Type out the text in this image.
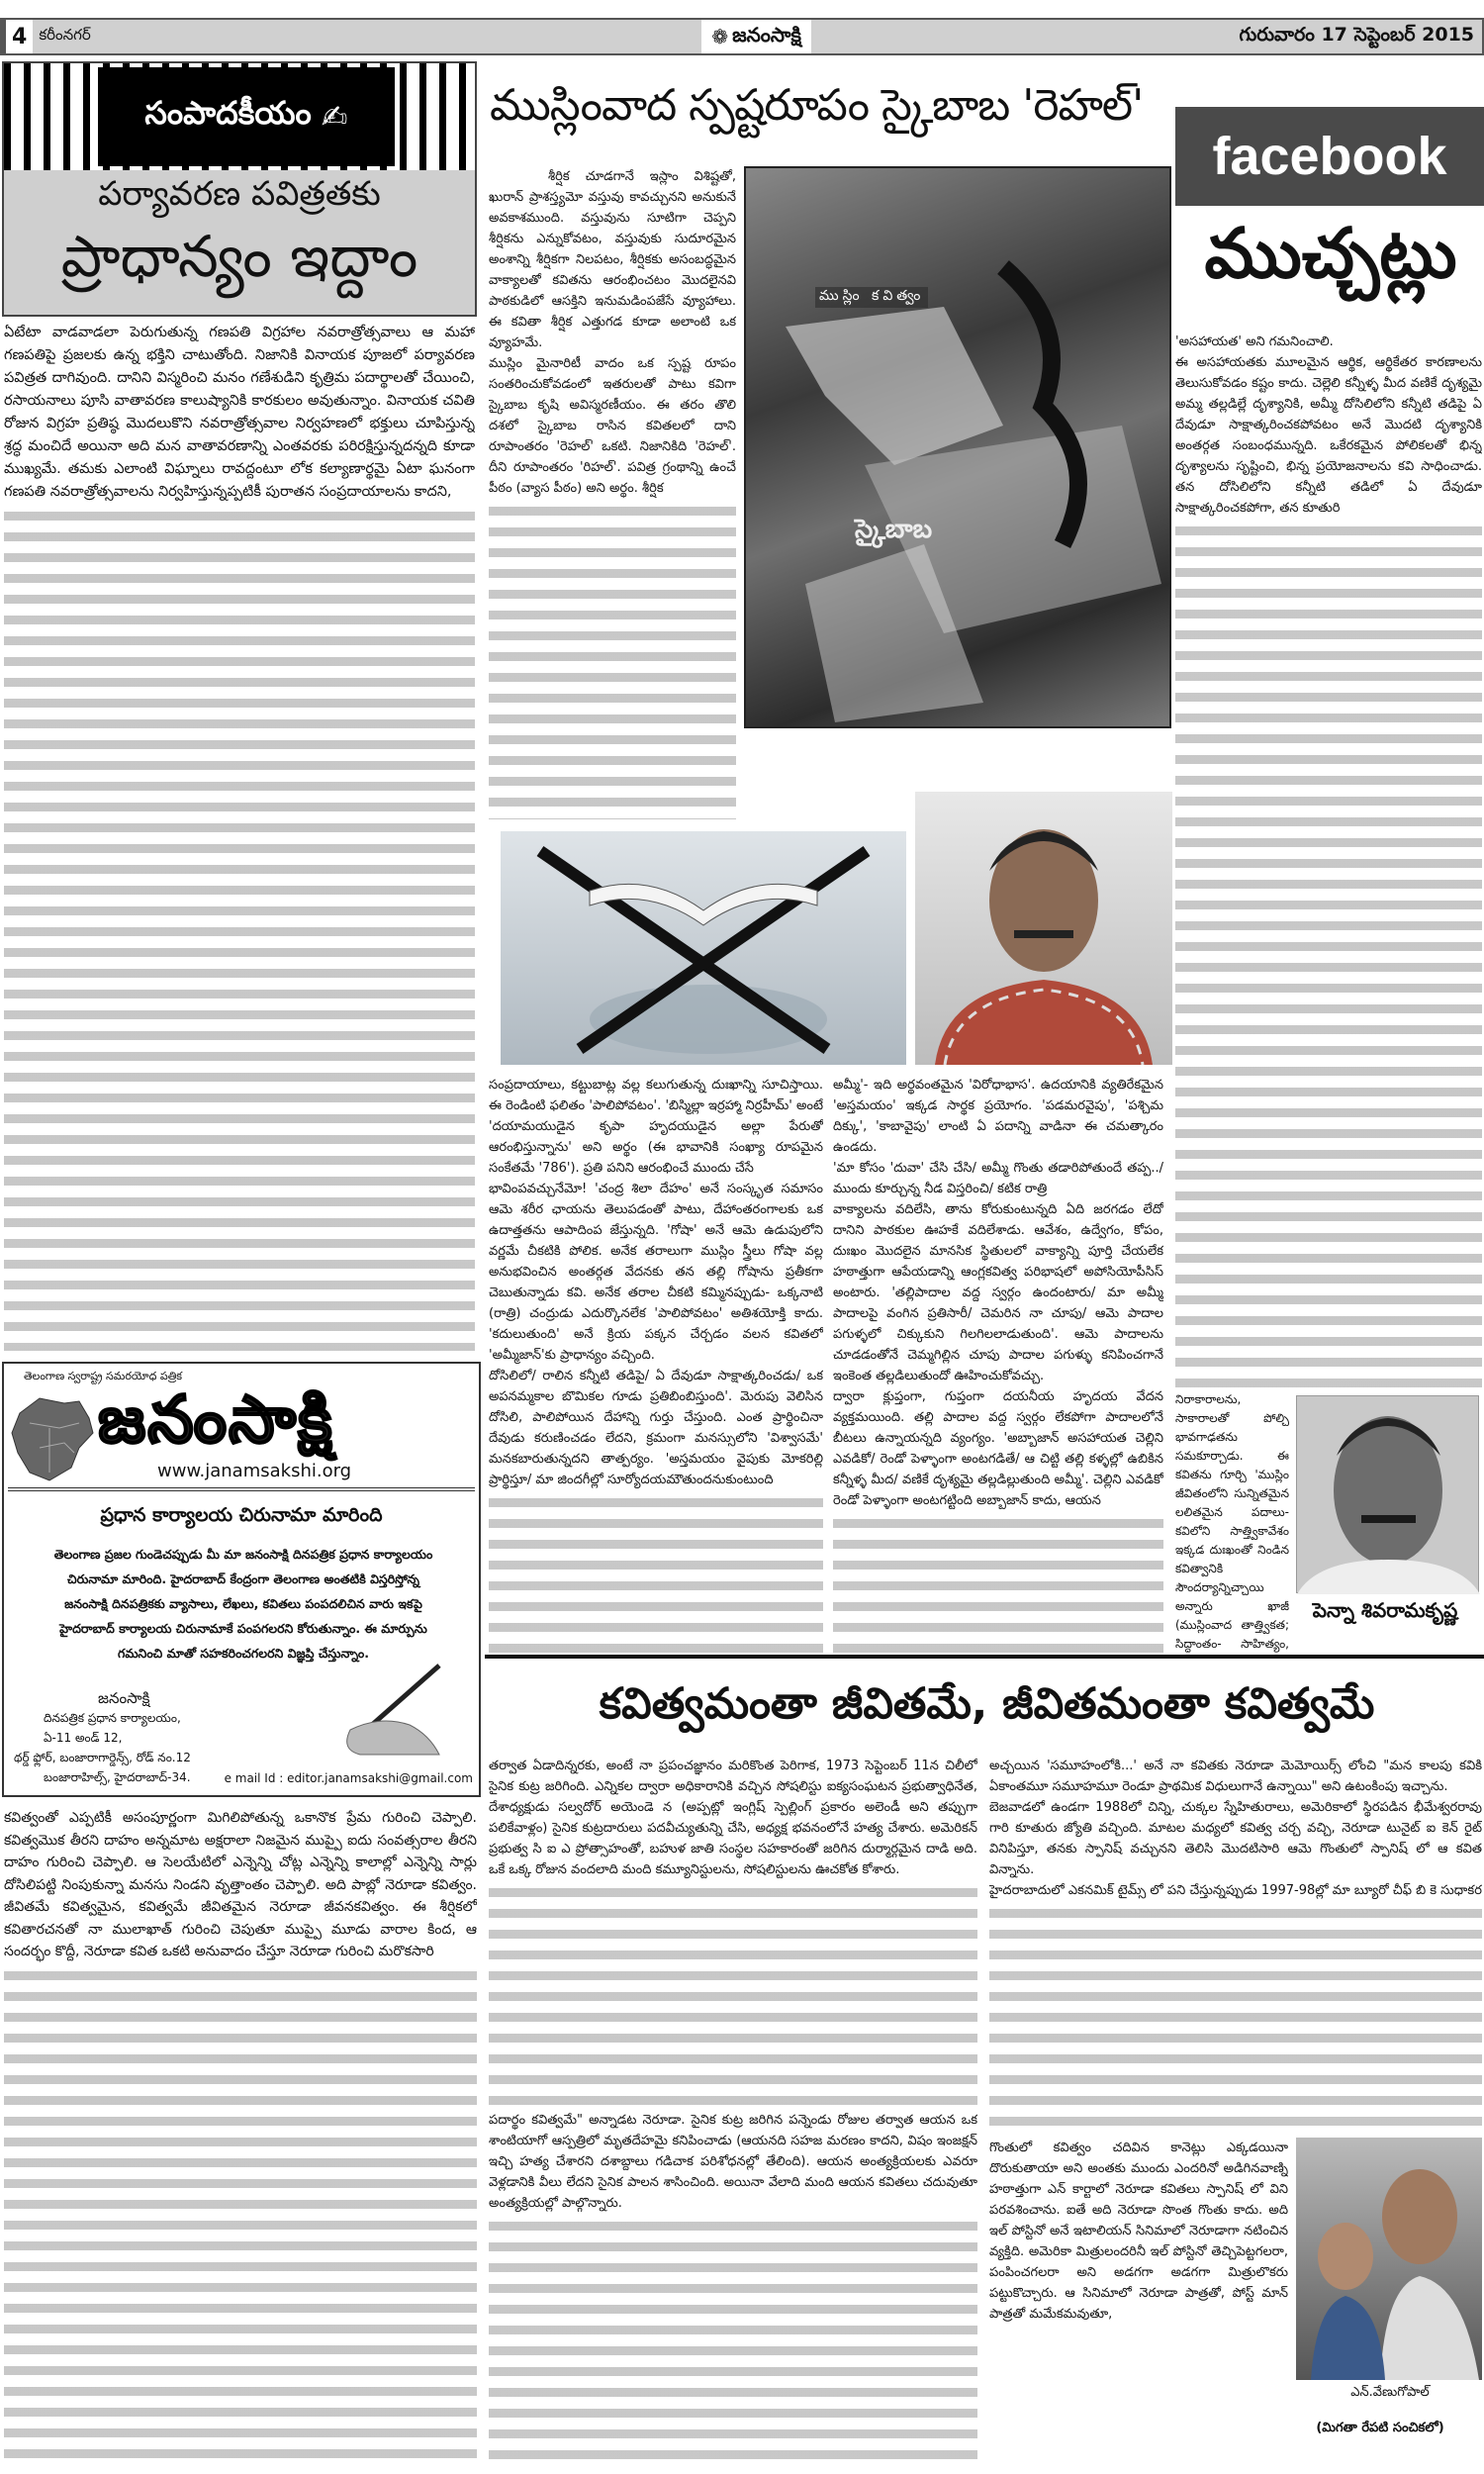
4 కరీంనగర్	❁ జనంసాక్షి	గురువారం 17 సెప్టెంబర్ 2015
సంపాదకీయం ✍
పర్యావరణ పవిత్రతకు
ప్రాధాన్యం ఇద్దాం

ఏటేటా వాడవాడలా పెరుగుతున్న గణపతి విగ్రహాల నవరాత్రోత్సవాలు ఆ మహా గణపతిపై ప్రజలకు ఉన్న భక్తిని చాటుతోంది. నిజానికి వినాయక పూజలో పర్యావరణ పవిత్రత దాగివుంది. దానిని విస్మరించి మనం గణేశుడిని కృత్రిమ పదార్థాలతో చేయించి, రసాయనాలు పూసి వాతావరణ కాలుష్యానికి కారకులం అవుతున్నాం. వినాయక చవితి రోజున విగ్రహ ప్రతిష్ఠ మొదలుకొని నవరాత్రోత్సవాల నిర్వహణలో భక్తులు చూపిస్తున్న శ్రద్ధ మంచిదే అయినా అది మన వాతావరణాన్ని ఎంతవరకు పరిరక్షిస్తున్నదన్నది కూడా ముఖ్యమే. తమకు ఎలాంటి విఘ్నాలు రావద్దంటూ లోక కల్యాణార్థమై ఏటా ఘనంగా గణపతి నవరాత్రోత్సవాలను నిర్వహిస్తున్నప్పటికీ పురాతన సంప్రదాయాలను కాదని,

తెలంగాణ స్వరాష్ట్ర సమరయోధ పత్రిక
జనంసాక్షి
www.janamsakshi.org
ప్రధాన కార్యాలయ చిరునామా మారింది
తెలంగాణ ప్రజల గుండెచప్పుడు మీ మా జనంసాక్షి దినపత్రిక ప్రధాన కార్యాలయం
చిరునామా మారింది. హైదరాబాద్ కేంద్రంగా తెలంగాణ అంతటికి విస్తరిస్తోన్న
జనంసాక్షి దినపత్రికకు వ్యాసాలు, లేఖలు, కవితలు పంపదలిచిన వారు ఇకపై
హైదరాబాద్ కార్యాలయ చిరునామాకే పంపగలరని కోరుతున్నాం. ఈ మార్పును
గమనించి మాతో సహకరించగలరని విజ్ఞప్తి చేస్తున్నాం.
జనంసాక్షి
దినపత్రిక ప్రధాన కార్యాలయం,
ఏ-11 అండ్ 12,
థర్డ్ ఫ్లోర్, బంజారాగార్డెన్స్, రోడ్ నం.12
బంజారాహిల్స్, హైదరాబాద్-34.	e mail Id : editor.janamsakshi@gmail.com

కవిత్వంతో ఎప్పటికీ అసంపూర్ణంగా మిగిలిపోతున్న ఒకానొక ప్రేమ గురించి చెప్పాలి. కవిత్వమొక తీరని దాహం అన్నమాట అక్షరాలా నిజమైన ముప్పై ఐదు సంవత్సరాల తీరని దాహం గురించి చెప్పాలి. ఆ సెలయేటిలో ఎన్నెన్ని చోట్ల ఎన్నెన్ని కాలాల్లో ఎన్నెన్ని సార్లు దోసిలిపట్టి నింపుకున్నా మనసు నిండని వృత్తాంతం చెప్పాలి. అది పాబ్లో నెరూడా కవిత్వం. జీవితమే కవిత్వమైన, కవిత్వమే జీవితమైన నెరూడా జీవనకవిత్వం. ఈ శీర్షికలో కవితారచనతో నా ములాఖాత్ గురించి చెపుతూ ముప్పై మూడు వారాల కింద, ఆ సందర్భం కొద్దీ, నెరూడా కవిత ఒకటి అనువాదం చేస్తూ నెరూడా గురించి మరొకసారి

ముస్లింవాద స్పష్టరూపం స్కైబాబ 'రెహల్'

శీర్షిక చూడగానే ఇస్లాం విశిష్టతో, ఖురాన్ ప్రాశస్త్యమో వస్తువు కావచ్చునని అనుకునే అవకాశముంది. వస్తువును సూటిగా చెప్పని శీర్షికను ఎన్నుకోవటం, వస్తువుకు సుదూరమైన అంశాన్ని శీర్షికగా నిలపటం, శీర్షికకు అసంబద్ధమైన వాక్యాలతో కవితను ఆరంభించటం మొదలైనవి పాఠకుడిలో ఆసక్తిని ఇనుమడింపజేసే వ్యూహాలు. ఈ కవితా శీర్షిక ఎత్తుగడ కూడా అలాంటి ఒక వ్యూహమే.

ముస్లిం మైనారిటీ వాదం ఒక స్పష్ట రూపం సంతరించుకోవడంలో ఇతరులతో పాటు కవిగా స్కైబాబ కృషి అవిస్మరణీయం. ఈ తరం తొలి దశలో స్కైబాబ రాసిన కవితలలో దాని రూపాంతరం 'రెహల్' ఒకటి. నిజానికిది 'రెహల్'. దీని రూపాంతరం 'రిహల్'. పవిత్ర గ్రంథాన్ని ఉంచే పీఠం (వ్యాస పీఠం) అని అర్థం. శీర్షిక

ముస్లిం కవిత్వం
స్కైబాబ

సంప్రదాయాలు, కట్టుబాట్ల వల్ల కలుగుతున్న దుఃఖాన్ని సూచిస్తాయి. ఈ రెండింటి ఫలితం 'పాలిపోవటం'. 'బిస్మిల్లా ఇర్రహ్మా నిర్రహీమ్' అంటే 'దయామయుడైన కృపా హృదయుడైన అల్లా పేరుతో ఆరంభిస్తున్నాను' అని అర్థం (ఈ భావానికి సంఖ్యా రూపమైన సంకేతమే '786'). ప్రతి పనిని ఆరంభించే ముందు చేసే

భావింపవచ్చునేమో! 'చంద్ర శిలా దేహం' అనే సంస్కృత సమాసం ఆమె శరీర ఛాయను తెలుపడంతో పాటు, దేహాంతరంగాలకు ఒక ఉదాత్తతను ఆపాదింప జేస్తున్నది. 'గోషా' అనే ఆమె ఉడుపులోని వర్ణమే చీకటికి పోలిక. అనేక తరాలుగా ముస్లిం స్త్రీలు గోషా వల్ల అనుభవించిన అంతర్గత వేదనకు తన తల్లి గోషాను ప్రతీకగా చెబుతున్నాడు కవి. అనేక తరాల చీకటి కమ్మినప్పుడు- ఒక్కనాటి (రాత్రి) చంద్రుడు ఎదుర్కొనలేక 'పాలిపోవటం' అతిశయోక్తి కాదు. 'కదులుతుంది' అనే క్రియ పక్కన చేర్చడం వలన కవితలో 'అమ్మీజాన్'కు ప్రాధాన్యం వచ్చింది.

దోసిలిలో/ రాలిన కన్నీటి తడిపై/ ఏ దేవుడూ సాక్షాత్కరించడు/ ఒక అపనమ్మకాల బొమికల గూడు ప్రతిబింబిస్తుంది'. మెరుపు వెలిసిన దోసిలి, పాలిపోయిన దేహాన్ని గుర్తు చేస్తుంది. ఎంత ప్రార్థించినా దేవుడు కరుణించడం లేదని, క్రమంగా మనస్సులోని 'విశ్వాసమే' మనకబారుతున్నదని తాత్పర్యం. 'అస్తమయం వైపుకు మోకరిల్లి ప్రార్థిస్తూ/ మా జిందగీల్లో సూర్యోదయమౌతుందనుకుంటుంది

అమ్మీ'- ఇది అర్థవంతమైన 'విరోధాభాస'. ఉదయానికి వ్యతిరేకమైన 'అస్తమయం' ఇక్కడ సార్థక ప్రయోగం. 'పడమరవైపు', 'పశ్చిమ దిక్కు', 'కాబావైపు' లాంటి ఏ పదాన్ని వాడినా ఈ చమత్కారం ఉండదు.

'మా కోసం 'దువా' చేసి చేసి/ అమ్మీ గొంతు తడారిపోతుందే తప్ప../ ముందు కూర్చున్న నీడ విస్తరించి/ కటిక రాత్రి

వాక్యాలను వదిలేసి, తాను కోరుకుంటున్నది ఏది జరగడం లేదో దానిని పాఠకుల ఊహకే వదిలేశాడు. ఆవేశం, ఉద్వేగం, కోపం, దుఃఖం మొదలైన మానసిక స్థితులలో వాక్యాన్ని పూర్తి చేయలేక హఠాత్తుగా ఆపేయడాన్ని ఆంగ్లకవిత్వ పరిభాషలో అపోసియోపీసిస్ అంటారు. 'తల్లిపాదాల వద్ద స్వర్గం ఉందంటారు/ మా అమ్మీ పాదాలపై వంగిన ప్రతిసారీ/ చెమరిన నా చూపు/ ఆమె పాదాల పగుళ్ళలో చిక్కుకుని గిలగిలలాడుతుంది'. ఆమె పాదాలను చూడడంతోనే చెమ్మగిల్లిన చూపు పాదాల పగుళ్ళు కనిపించగానే ఇంకెంత తల్లడిలుతుందో ఊహించుకోవచ్చు.

ద్వారా క్లుప్తంగా, గుప్తంగా దయనీయ హృదయ వేదన వ్యక్తమయింది. తల్లి పాదాల వద్ద స్వర్గం లేకపోగా పాదాలలోనే బీటలు ఉన్నాయన్నది వ్యంగ్యం. 'అబ్బాజాన్ అసహాయత చెల్లిని ఎవడికో/ రెండో పెళ్ళాంగా అంటగడితే/ ఆ చిట్టి తల్లి కళ్ళల్లో ఉబికిన కన్నీళ్ళ మీద/ వణికే దృశ్యమై తల్లడిల్లుతుంది అమ్మీ'. చెల్లిని ఎవడికో రెండో పెళ్ళాంగా అంటగట్టింది అబ్బాజాన్ కాదు, ఆయన

facebook
ముచ్చట్లు

'అసహాయత' అని గమనించాలి.

ఈ అసహాయతకు మూలమైన ఆర్థిక, ఆర్థికేతర కారణాలను తెలుసుకోవడం కష్టం కాదు. చెల్లెలి కన్నీళ్ళ మీద వణికే దృశ్యమై అమ్మ తల్లడిల్లే దృశ్యానికి, అమ్మీ దోసిలిలోని కన్నీటి తడిపై ఏ దేవుడూ సాక్షాత్కరించకపోవటం అనే మొదటి దృశ్యానికి అంతర్గత సంబంధమున్నది. ఒకేరకమైన పోలికలతో భిన్న దృశ్యాలను సృష్టించి, భిన్న ప్రయోజనాలను కవి సాధించాడు. తన దోసిలిలోని కన్నీటి తడిలో ఏ దేవుడూ సాక్షాత్కరించకపోగా, తన కూతురి

నిరాకారాలను, సాకారాలతో పోల్చి భావగాఢతను సమకూర్చాడు. ఈ కవితను గూర్చి 'ముస్లిం జీవితంలోని సున్నితమైన లలితమైన పదాలు- కవిలోని సాత్త్వికావేశం ఇక్కడ దుఃఖంతో నిండిన కవిత్వానికి సౌందర్యాన్నిచ్చాయి అన్నారు ఖాజీ (ముస్లింవాద తాత్త్వికత; సిద్ధాంతం- సాహిత్యం,

పెన్నా శివరామకృష్ణ
కవిత్వమంతా జీవితమే, జీవితమంతా కవిత్వమే

తర్వాత ఏడాదిన్నరకు, అంటే నా ప్రపంచజ్ఞానం మరికొంత పెరిగాక, 1973 సెప్టెంబర్ 11న చిలీలో సైనిక కుట్ర జరిగింది. ఎన్నికల ద్వారా అధికారానికి వచ్చిన సోషలిస్టు ఐక్యసంఘటన ప్రభుత్వాధినేత, దేశాధ్యక్షుడు సల్వదోర్ అయెండె న (అప్పట్లో ఇంగ్లిష్ స్పెల్లింగ్ ప్రకారం అలెండీ అని తప్పుగా పలికేవాళ్లం) సైనిక కుట్రదారులు పదవీచ్యుతున్ని చేసి, అధ్యక్ష భవనంలోనే హత్య చేశారు. అమెరికన్ ప్రభుత్వ సి ఐ ఎ ప్రోత్సాహంతో, బహుళ జాతి సంస్థల సహకారంతో జరిగిన దుర్మార్గమైన దాడి అది. ఒకే ఒక్క రోజున వందలాది మంది కమ్యూనిస్టులను, సోషలిస్టులను ఊచకోత కోశారు.

పదార్థం కవిత్వమే" అన్నాడట నెరూడా. సైనిక కుట్ర జరిగిన పన్నెండు రోజుల తర్వాత ఆయన ఒక శాంటియాగో ఆస్పత్రిలో మృతదేహమై కనిపించాడు (ఆయనది సహజ మరణం కాదని, విషం ఇంజక్షన్ ఇచ్చి హత్య చేశారని దశాబ్దాలు గడిచాక పరిశోధనల్లో తేలింది). ఆయన అంత్యక్రియలకు ఎవరూ వెళ్లడానికి వీలు లేదని సైనిక పాలన శాసించింది. అయినా వేలాది మంది ఆయన కవితలు చదువుతూ అంత్యక్రియల్లో పాల్గొన్నారు.

అచ్చయిన 'సమూహంలోకి...' అనే నా కవితకు నెరూడా మెమోయిర్స్ లోంచి "మన కాలపు కవికి ఏకాంతమూ సమూహమూ రెండూ ప్రాథమిక విధులుగానే ఉన్నాయి" అని ఉటంకింపు ఇచ్చాను.

బెజవాడలో ఉండగా 1988లో చిన్ని, చుక్కల స్నేహితురాలు, అమెరికాలో స్థిరపడిన భీమేశ్వరరావు గారి కూతురు జ్యోతి వచ్చింది. మాటల మధ్యలో కవిత్వ చర్చ వచ్చి, నెరూడా టునైట్ ఐ కెన్ రైట్ వినిపిస్తూ, తనకు స్పానిష్ వచ్చునని తెలిసి మొదటిసారి ఆమె గొంతులో స్పానిష్ లో ఆ కవిత విన్నాను.

హైదరాబాదులో ఎకనమిక్ టైమ్స్ లో పని చేస్తున్నప్పుడు 1997-98ల్లో మా బ్యూరో చీఫ్ బి కె సుధాకర

గొంతులో కవిత్వం చదివిన కానెట్లు ఎక్కడయినా దొరుకుతాయా అని అంతకు ముందు ఎందరినో అడిగినవాణ్ని హఠాత్తుగా ఎన్ కార్టాలో నెరూడా కవితలు స్పానిష్ లో విని పరవశించాను. ఐతే అది నెరూడా సొంత గొంతు కాదు. అది ఇల్ పోస్టినో అనే ఇటాలియన్ సినిమాలో నెరూడాగా నటించిన వ్యక్తిది. అమెరికా మిత్రులందరినీ ఇల్ పోస్టినో తెచ్చిపెట్టగలరా, పంపించగలరా అని అడగగా అడగగా మిత్రులొకరు పట్టుకొచ్చారు. ఆ సినిమాలో నెరూడా పాత్రతో, పోస్ట్ మాన్ పాత్రతో మమేకమవుతూ,

ఎన్.వేణుగోపాల్
(మిగతా రేపటి సంచికలో)
